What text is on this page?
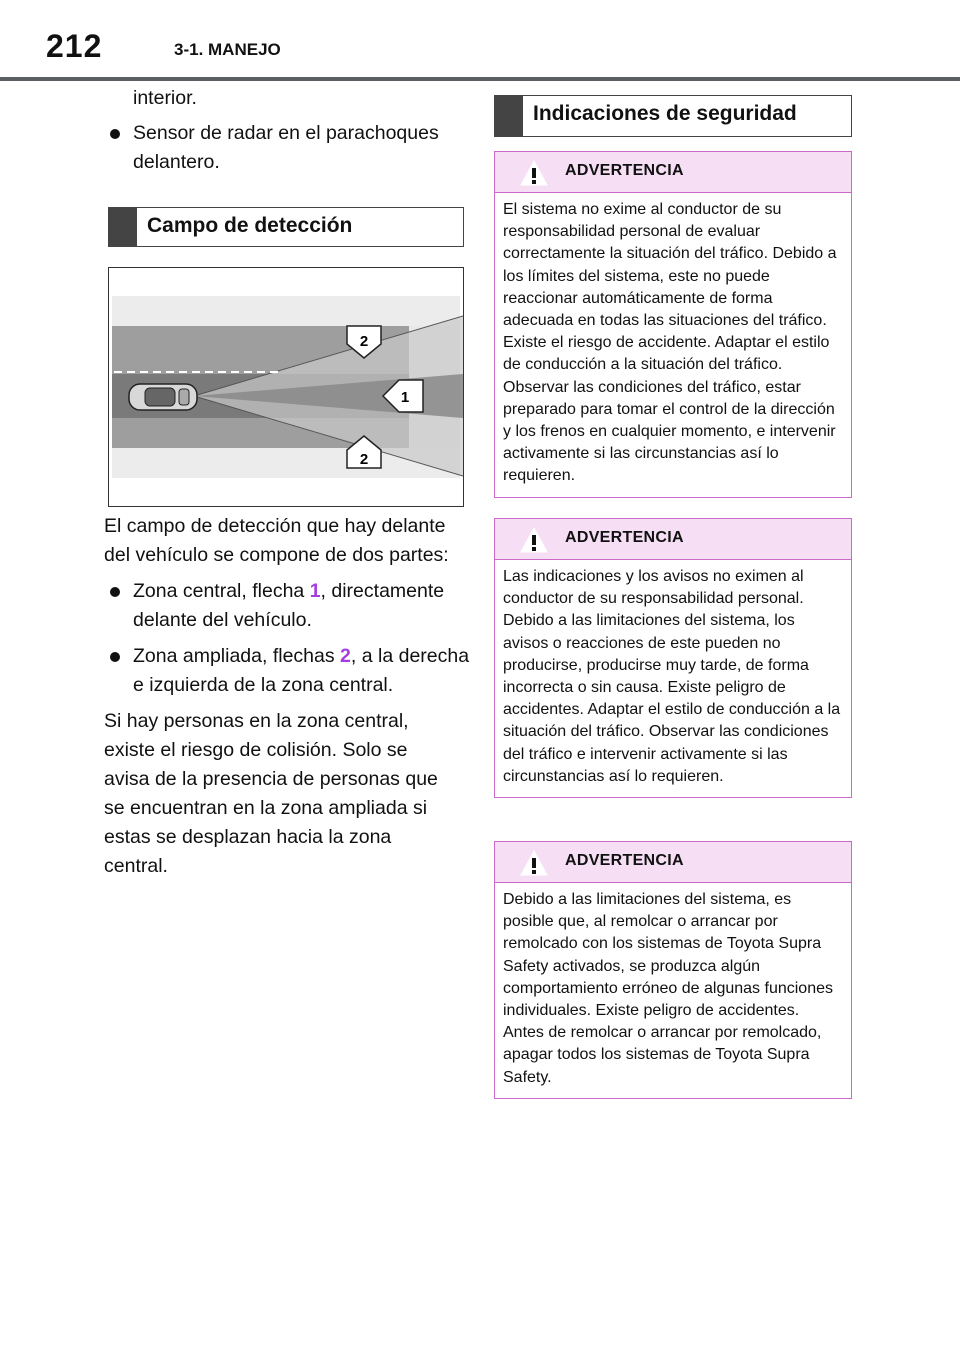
212	3-1. MANEJO
interior.
Sensor de radar en el parachoques delantero.
Campo de detección
2
1
2
El campo de detección que hay delante del vehículo se compone de dos partes:
Zona central, flecha 1, directamente delante del vehículo.
Zona ampliada, flechas 2, a la derecha e izquierda de la zona central.
Si hay personas en la zona central, existe el riesgo de colisión. Solo se avisa de la presencia de personas que se encuentran en la zona ampliada si estas se desplazan hacia la zona central.
Indicaciones de seguridad
ADVERTENCIA
El sistema no exime al conductor de su responsabilidad personal de evaluar correctamente la situación del tráfico. Debido a los límites del sistema, este no puede reaccionar automáticamente de forma adecuada en todas las situaciones del tráfico. Existe el riesgo de accidente. Adaptar el estilo de conducción a la situación del tráfico. Observar las condiciones del tráfico, estar preparado para tomar el control de la dirección y los frenos en cualquier momento, e intervenir activamente si las circunstancias así lo requieren.
ADVERTENCIA
Las indicaciones y los avisos no eximen al conductor de su responsabilidad personal. Debido a las limitaciones del sistema, los avisos o reacciones de este pueden no producirse, producirse muy tarde, de forma incorrecta o sin causa. Existe peligro de accidentes. Adaptar el estilo de conducción a la situación del tráfico. Observar las condiciones del tráfico e intervenir activamente si las circunstancias así lo requieren.
ADVERTENCIA
Debido a las limitaciones del sistema, es posible que, al remolcar o arrancar por remolcado con los sistemas de Toyota Supra Safety activados, se produzca algún comportamiento erróneo de algunas funciones individuales. Existe peligro de accidentes. Antes de remolcar o arrancar por remolcado, apagar todos los sistemas de Toyota Supra Safety.
